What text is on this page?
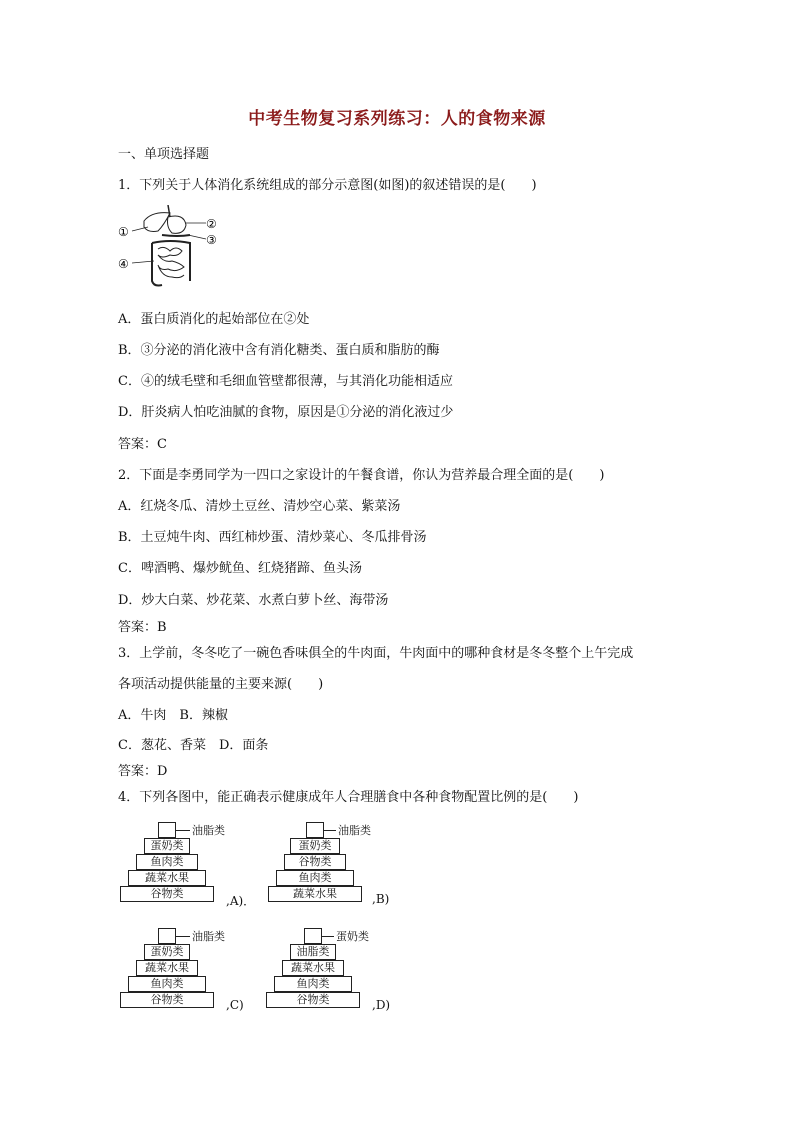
中考生物复习系列练习：人的食物来源
一、单项选择题
1．下列关于人体消化系统组成的部分示意图(如图)的叙述错误的是(　　)
①
②
③
④
A．蛋白质消化的起始部位在②处
B．③分泌的消化液中含有消化糖类、蛋白质和脂肪的酶
C．④的绒毛壁和毛细血管壁都很薄，与其消化功能相适应
D．肝炎病人怕吃油腻的食物，原因是①分泌的消化液过少
答案：C
2．下面是李勇同学为一四口之家设计的午餐食谱，你认为营养最合理全面的是(　　)
A．红烧冬瓜、清炒土豆丝、清炒空心菜、紫菜汤
B．土豆炖牛肉、西红柿炒蛋、清炒菜心、冬瓜排骨汤
C．啤酒鸭、爆炒鱿鱼、红烧猪蹄、鱼头汤
D．炒大白菜、炒花菜、水煮白萝卜丝、海带汤
答案：B
3．上学前，冬冬吃了一碗色香味俱全的牛肉面，牛肉面中的哪种食材是冬冬整个上午完成
各项活动提供能量的主要来源(　　)
A．牛肉　B．辣椒
C．葱花、香菜　D．面条
答案：D
4．下列各图中，能正确表示健康成年人合理膳食中各种食物配置比例的是(　　)
油脂类
蛋奶类
鱼肉类
蔬菜水果
谷物类
,A)．
油脂类
蛋奶类
谷物类
鱼肉类
蔬菜水果	,B)
油脂类
蛋奶类
蔬菜水果
鱼肉类
谷物类	,C)
蛋奶类
油脂类
蔬菜水果
鱼肉类
谷物类	,D)
